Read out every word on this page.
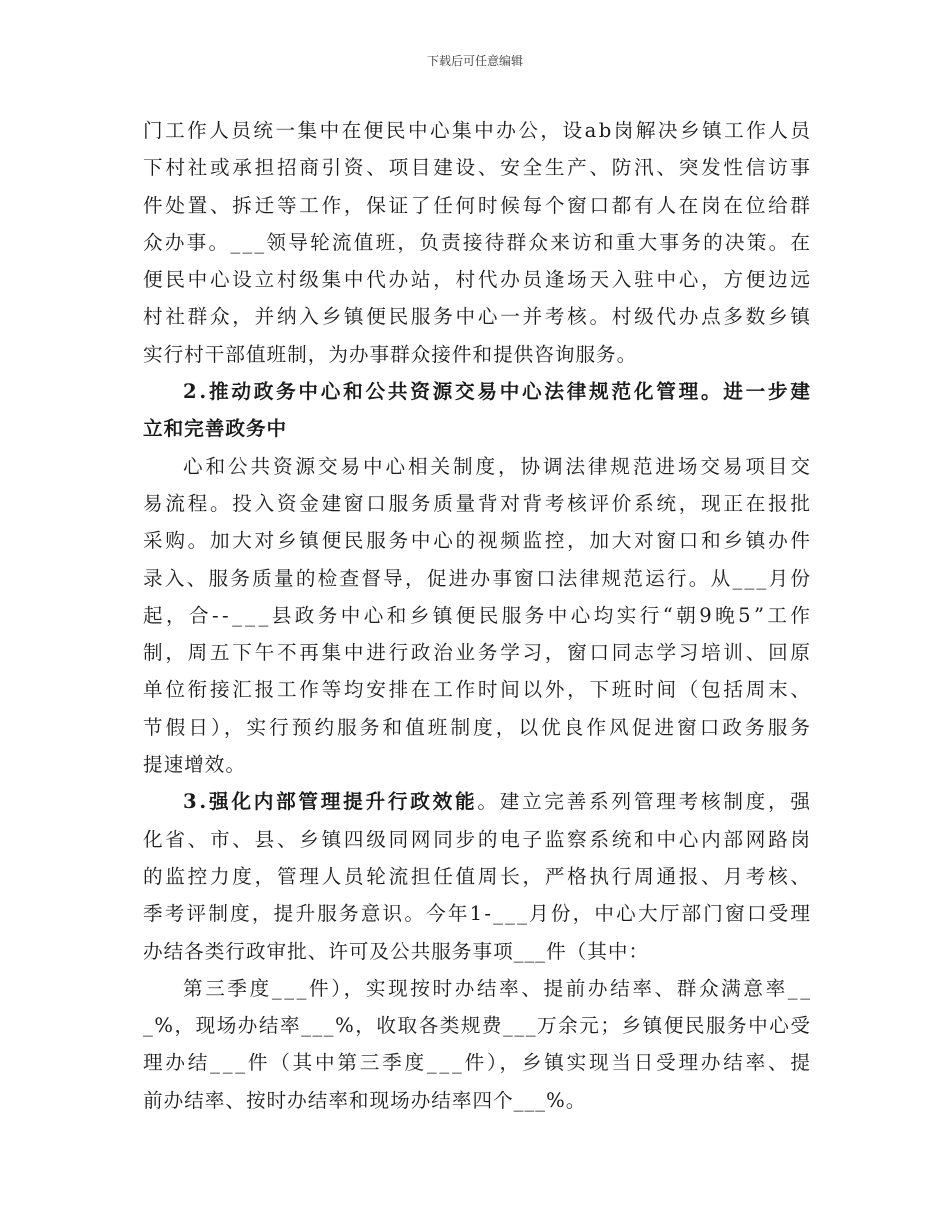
下载后可任意编辑
门工作人员统一集中在便民中心集中办公，设ab岗解决乡镇工作人员
下村社或承担招商引资、项目建设、安全生产、防汛、突发性信访事
件处置、拆迁等工作，保证了任何时候每个窗口都有人在岗在位给群
众办事。___领导轮流值班，负责接待群众来访和重大事务的决策。在
便民中心设立村级集中代办站，村代办员逢场天入驻中心，方便边远
村社群众，并纳入乡镇便民服务中心一并考核。村级代办点多数乡镇
实行村干部值班制，为办事群众接件和提供咨询服务。
2.推动政务中心和公共资源交易中心法律规范化管理。进一步建
立和完善政务中
心和公共资源交易中心相关制度，协调法律规范进场交易项目交
易流程。投入资金建窗口服务质量背对背考核评价系统，现正在报批
采购。加大对乡镇便民服务中心的视频监控，加大对窗口和乡镇办件
录入、服务质量的检查督导，促进办事窗口法律规范运行。从___月份
起，合--___县政务中心和乡镇便民服务中心均实行“朝9晚5”工作
制，周五下午不再集中进行政治业务学习，窗口同志学习培训、回原
单位衔接汇报工作等均安排在工作时间以外，下班时间（包括周末、
节假日），实行预约服务和值班制度，以优良作风促进窗口政务服务
提速增效。
3.强化内部管理提升行政效能。建立完善系列管理考核制度，强
化省、市、县、乡镇四级同网同步的电子监察系统和中心内部网路岗
的监控力度，管理人员轮流担任值周长，严格执行周通报、月考核、
季考评制度，提升服务意识。今年1-___月份，中心大厅部门窗口受理
办结各类行政审批、许可及公共服务事项___件（其中：
第三季度___件），实现按时办结率、提前办结率、群众满意率__
_%，现场办结率___%，收取各类规费___万余元；乡镇便民服务中心受
理办结___件（其中第三季度___件），乡镇实现当日受理办结率、提
前办结率、按时办结率和现场办结率四个___%。
